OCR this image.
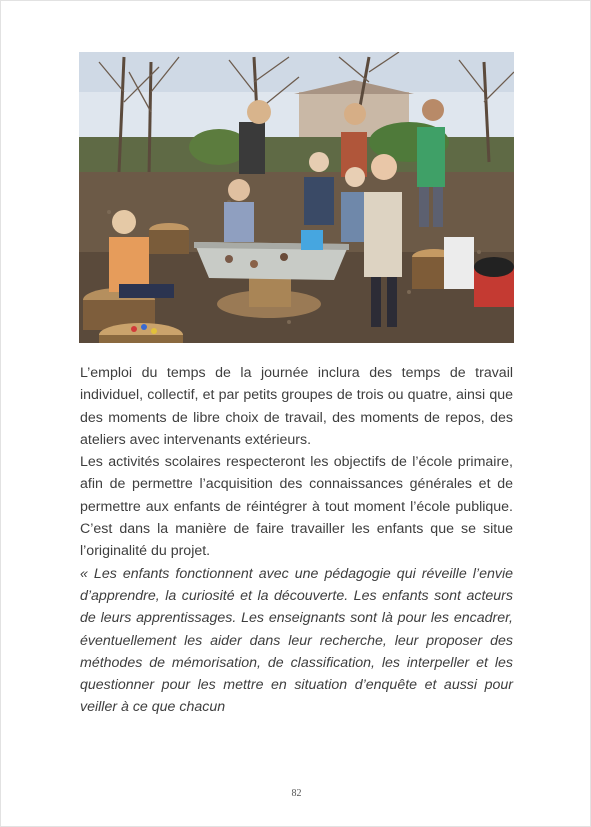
L’emploi du temps de la journée inclura des temps de travail individuel, collectif, et par petits groupes de trois ou quatre, ainsi que des moments de libre choix de travail, des moments de repos, des ateliers avec intervenants extérieurs.

Les activités scolaires respecteront les objectifs de l’école primaire, afin de permettre l’acquisition des connaissances générales et de permettre aux enfants de réintégrer à tout moment l’école publique. C’est dans la manière de faire travailler les enfants que se situe l’originalité du projet.

« Les enfants fonctionnent avec une pédagogie qui réveille l’envie d’apprendre, la curiosité et la découverte. Les enfants sont acteurs de leurs apprentissages. Les enseignants sont là pour les encadrer, éventuellement les aider dans leur recherche, leur proposer des méthodes de mémorisation, de classification, les interpeller et les questionner pour les mettre en situation d’enquête et aussi pour veiller à ce que chacun

82
